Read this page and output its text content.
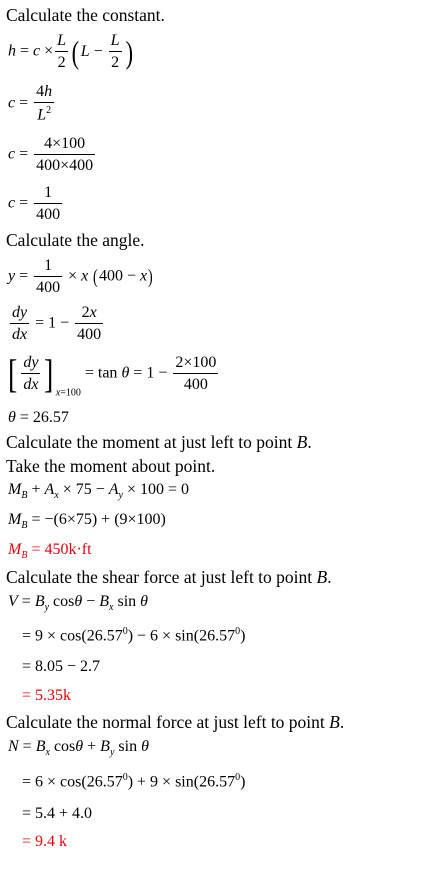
Calculate the constant.
$h = c \times \frac{L}{2} (L - \frac{L}{2}$ )
$c = \frac{4h}{L^2}$
$c = \frac{4\times 100}{400\times 400}$
$c = \frac{1}{400}$
Calculate the angle.
$y = \frac{1}{400} \times x$ (400 − x)
$\frac{dy}{dx} = 1 - \frac{2x}{400}$
[ $\frac{dy}{dx}$ ] $_{x=100} = \tan \theta = 1 - \frac{2\times 100}{400}$
θ = 26.57
Calculate the moment at just left to point B.
Take the moment about point.
$M_B + A_x \times 75 - A_y \times 100 = 0$
$M_B = -(6\times 75) + (9\times 100)$
$M_B = 450k\cdot ft$
Calculate the shear force at just left to point B.
$V = B_y$ $\cos\theta - B_x$ sin θ
= $9 \times \cos(26.57^0) - 6 \times \sin(26.57^0)$
= 8.05 − 2.7
= 5.35k
Calculate the normal force at just left to point B.
$N = B_x$ $\cos\theta + B_y$ sin θ
= $6 \times \cos(26.57^0) + 9 \times \sin(26.57^0)$
= 5.4 + 4.0
= 9.4 k
